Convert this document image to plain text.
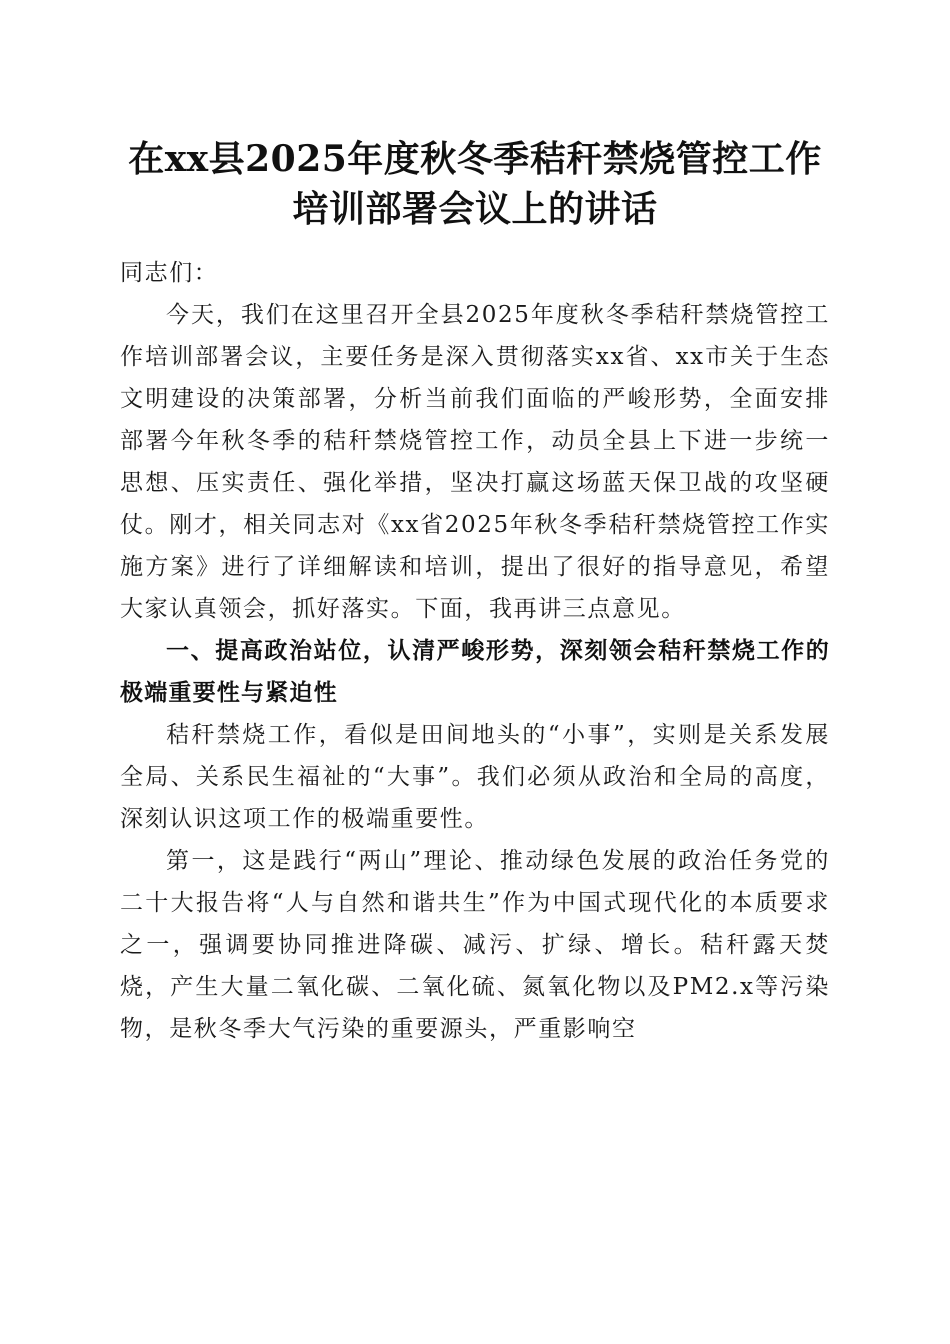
在xx县2025年度秋冬季秸秆禁烧管控工作培训部署会议上的讲话

同志们：

今天，我们在这里召开全县2025年度秋冬季秸秆禁烧管控工作培训部署会议，主要任务是深入贯彻落实xx省、xx市关于生态文明建设的决策部署，分析当前我们面临的严峻形势，全面安排部署今年秋冬季的秸秆禁烧管控工作，动员全县上下进一步统一思想、压实责任、强化举措，坚决打赢这场蓝天保卫战的攻坚硬仗。刚才，相关同志对《xx省2025年秋冬季秸秆禁烧管控工作实施方案》进行了详细解读和培训，提出了很好的指导意见，希望大家认真领会，抓好落实。下面，我再讲三点意见。

一、提高政治站位，认清严峻形势，深刻领会秸秆禁烧工作的极端重要性与紧迫性

秸秆禁烧工作，看似是田间地头的“小事”，实则是关系发展全局、关系民生福祉的“大事”。我们必须从政治和全局的高度，深刻认识这项工作的极端重要性。

第一，这是践行“两山”理论、推动绿色发展的政治任务党的二十大报告将“人与自然和谐共生”作为中国式现代化的本质要求之一，强调要协同推进降碳、减污、扩绿、增长。秸秆露天焚烧，产生大量二氧化碳、二氧化硫、氮氧化物以及PM2.x等污染物，是秋冬季大气污染的重要源头，严重影响空
